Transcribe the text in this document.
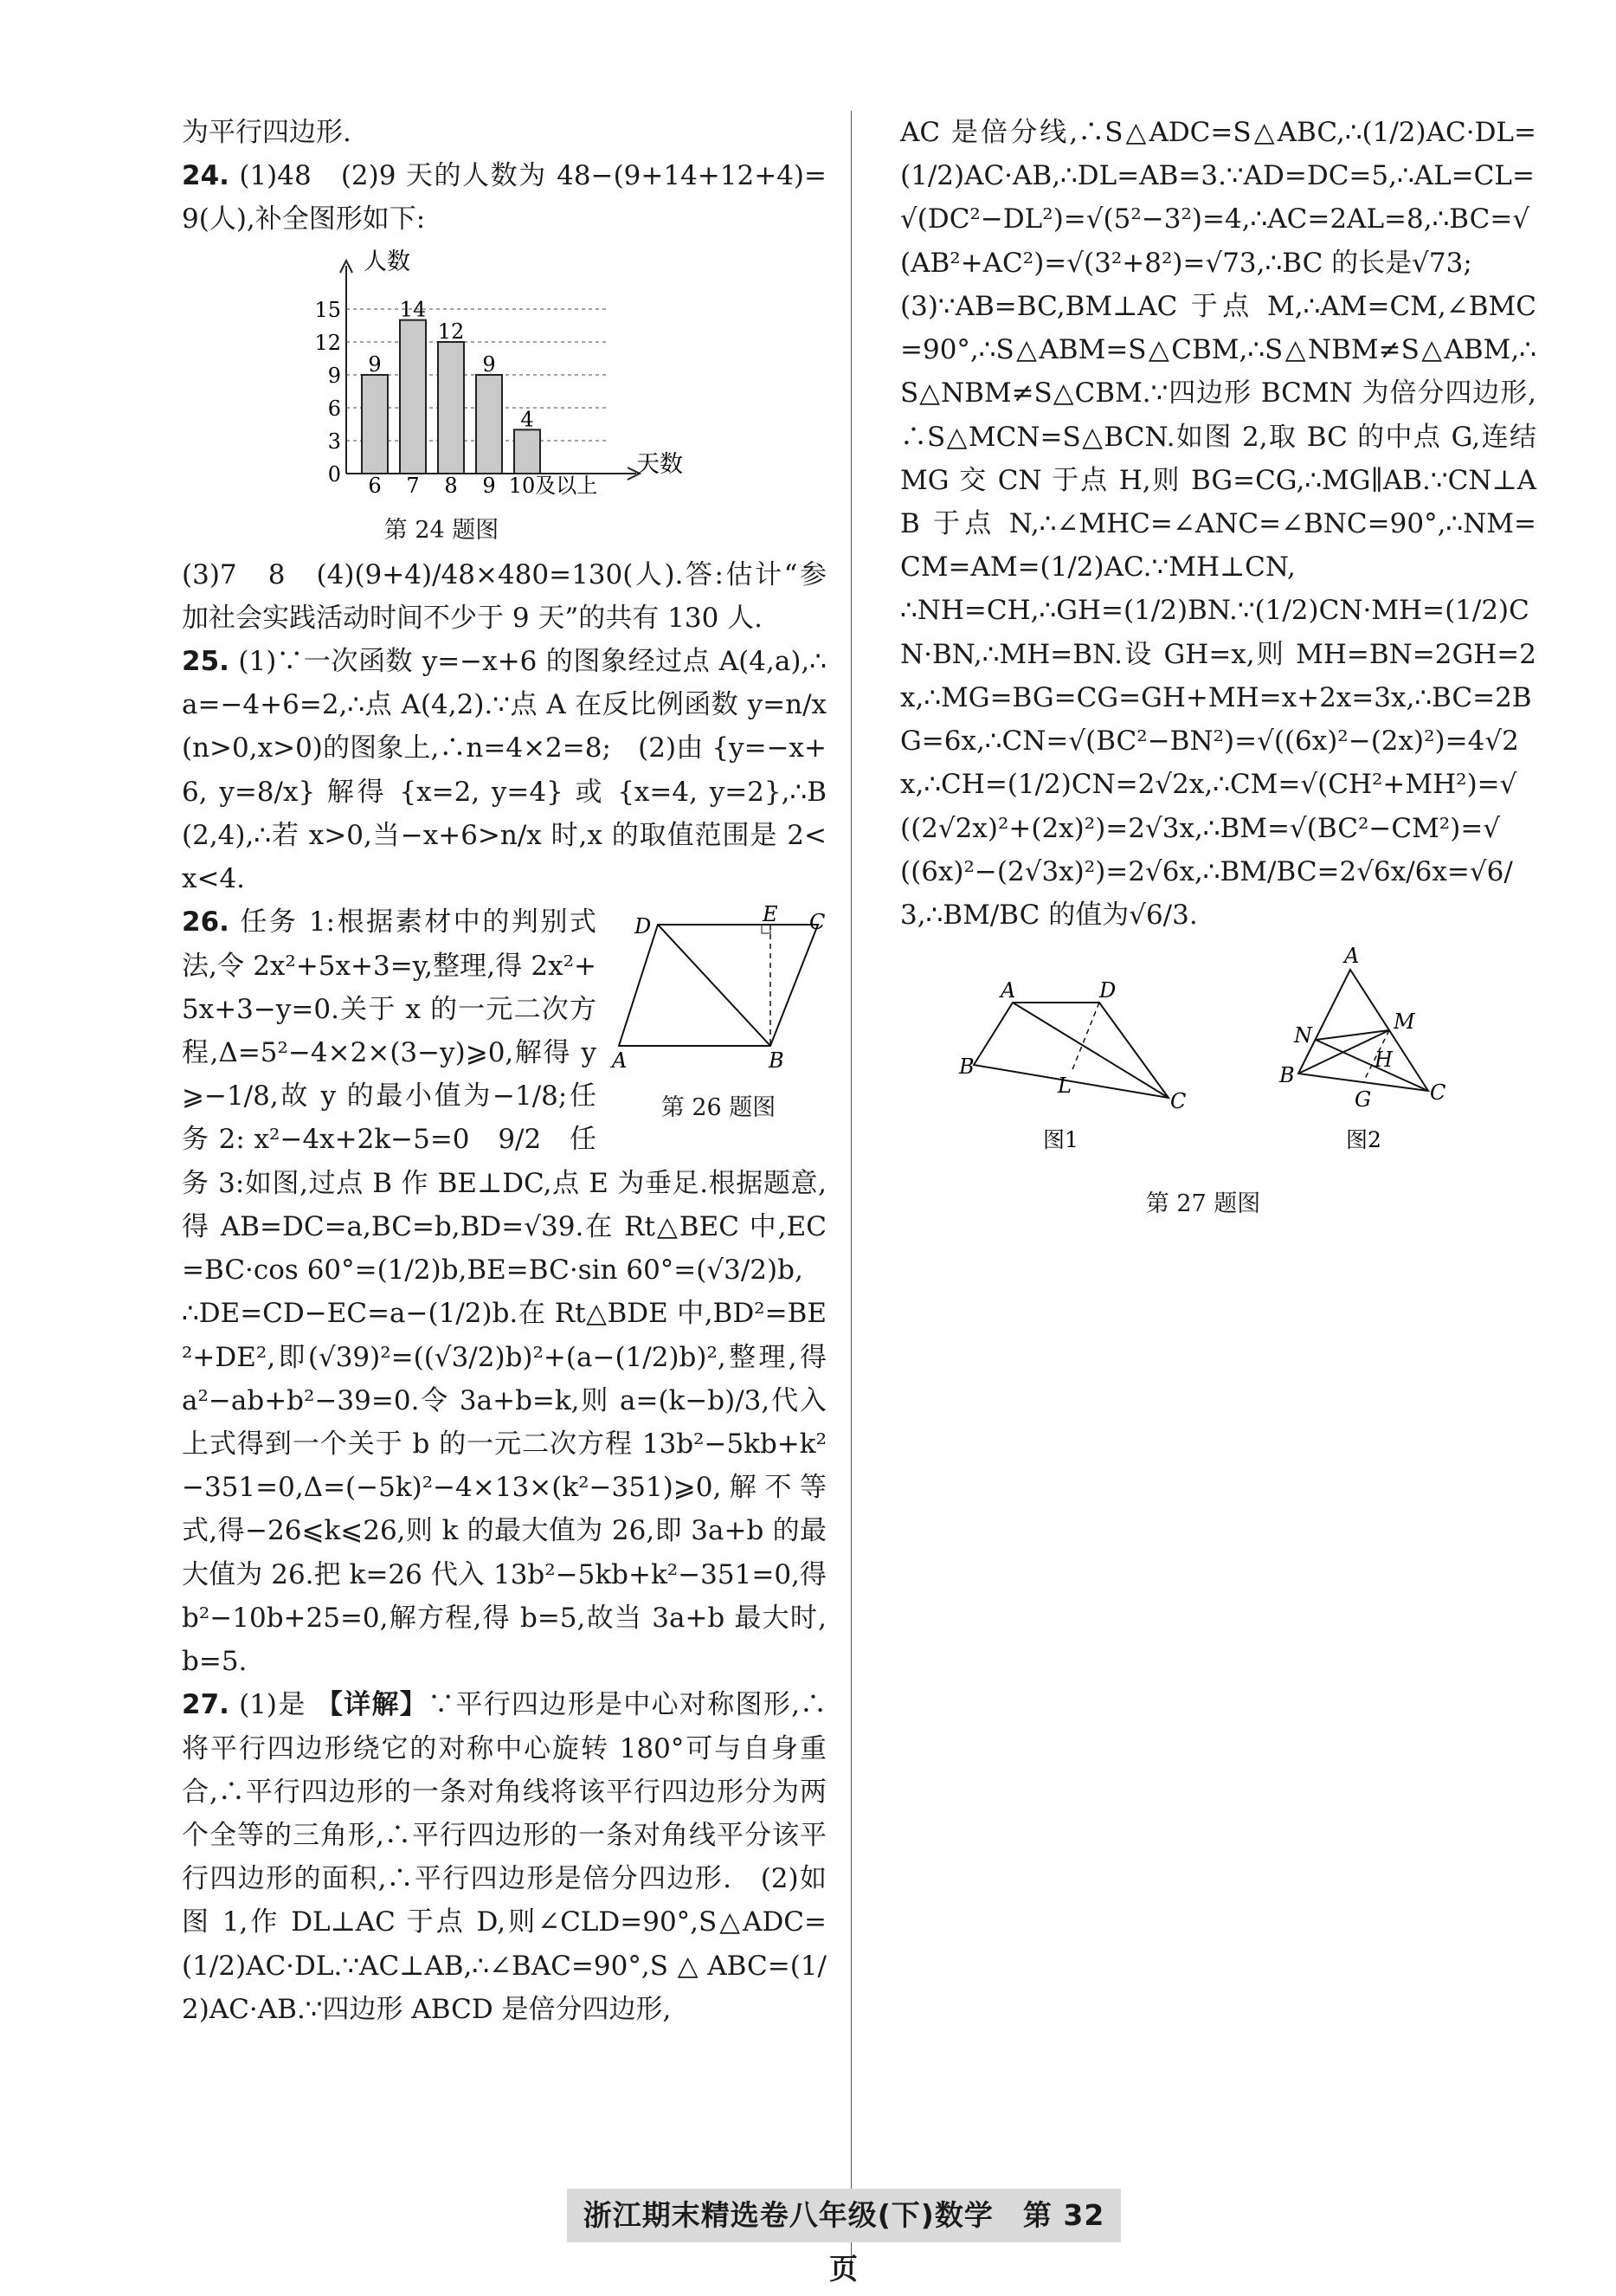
为平行四边形.

24. (1)48　(2)9 天的人数为 48−(9+14+12+4)=9(人),补全图形如下:

人数
天数
0
3
6
9
12
15
9
6
14
7
12
8
9
9
4
10及以上
第 24 题图

(3)7　8　(4)(9+4)/48×480=130(人).答:估计“参加社会实践活动时间不少于 9 天”的共有 130 人.

25. (1)∵一次函数 y=−x+6 的图象经过点 A(4,a),∴a=−4+6=2,∴点 A(4,2).∵点 A 在反比例函数 y=n/x(n>0,x>0)的图象上,∴n=4×2=8;　(2)由 {y=−x+6, y=8/x} 解得 {x=2, y=4} 或 {x=4, y=2},∴B(2,4),∴若 x>0,当−x+6>n/x 时,x 的取值范围是 2< x<4.

26.	D	E C
A	B
第 26 题图
任务 1:根据素材中的判别式法,令 2x²+5x+3=y,整理,得 2x²+5x+3−y=0.关于 x 的一元二次方程,Δ=5²−4×2×(3−y)⩾0,解得 y⩾−1/8,故 y 的最小值为−1/8;任务 2: x²−4x+2k−5=0　9/2　任务 3:如图,过点 B 作 BE⊥DC,点 E 为垂足.根据题意,得 AB=DC=a,BC=b,BD=√39.在 Rt△BEC 中,EC=BC·cos 60°=(1/2)b,BE=BC·sin 60°=(√3/2)b,

∴DE=CD−EC=a−(1/2)b.在 Rt△BDE 中,BD²=BE²+DE²,即(√39)²=((√3/2)b)²+(a−(1/2)b)²,整理,得 a²−ab+b²−39=0.令 3a+b=k,则 a=(k−b)/3,代入上式得到一个关于 b 的一元二次方程 13b²−5kb+k²−351=0,Δ=(−5k)²−4×13×(k²−351)⩾0,解不等式,得−26⩽k⩽26,则 k 的最大值为 26,即 3a+b 的最大值为 26.把 k=26 代入 13b²−5kb+k²−351=0,得 b²−10b+25=0,解方程,得 b=5,故当 3a+b 最大时,b=5.

27. (1)是 【详解】∵平行四边形是中心对称图形,∴将平行四边形绕它的对称中心旋转 180°可与自身重合,∴平行四边形的一条对角线将该平行四边形分为两个全等的三角形,∴平行四边形的一条对角线平分该平行四边形的面积,∴平行四边形是倍分四边形.　(2)如图 1,作 DL⊥AC 于点 D,则∠CLD=90°,S△ADC=(1/2)AC·DL.∵AC⊥AB,∴∠BAC=90°,S△ABC=(1/2)AC·AB.∵四边形 ABCD 是倍分四边形,

AC 是倍分线,∴S△ADC=S△ABC,∴(1/2)AC·DL=(1/2)AC·AB,∴DL=AB=3.∵AD=DC=5,∴AL=CL=√(DC²−DL²)=√(5²−3²)=4,∴AC=2AL=8,∴BC=√(AB²+AC²)=√(3²+8²)=√73,∴BC 的长是√73;

(3)∵AB=BC,BM⊥AC 于点 M,∴AM=CM,∠BMC=90°,∴S△ABM=S△CBM,∴S△NBM≠S△ABM,∴S△NBM≠S△CBM.∵四边形 BCMN 为倍分四边形,∴S△MCN=S△BCN.如图 2,取 BC 的中点 G,连结 MG 交 CN 于点 H,则 BG=CG,∴MG∥AB.∵CN⊥AB 于点 N,∴∠MHC=∠ANC=∠BNC=90°,∴NM=CM=AM=(1/2)AC.∵MH⊥CN,

∴NH=CH,∴GH=(1/2)BN.∵(1/2)CN·MH=(1/2)CN·BN,∴MH=BN.设 GH=x,则 MH=BN=2GH=2x,∴MG=BG=CG=GH+MH=x+2x=3x,∴BC=2BG=6x,∴CN=√(BC²−BN²)=√((6x)²−(2x)²)=4√2x,∴CH=(1/2)CN=2√2x,∴CM=√(CH²+MH²)=√((2√2x)²+(2x)²)=2√3x,∴BM=√(BC²−CM²)=√((6x)²−(2√3x)²)=2√6x,∴BM/BC=2√6x/6x=√6/3,∴BM/BC 的值为√6/3.

A	D
B
L
C
图1
A
M
N
H
B
G	C
图2
第 27 题图
浙江期末精选卷八年级(下)数学　第 32 页
